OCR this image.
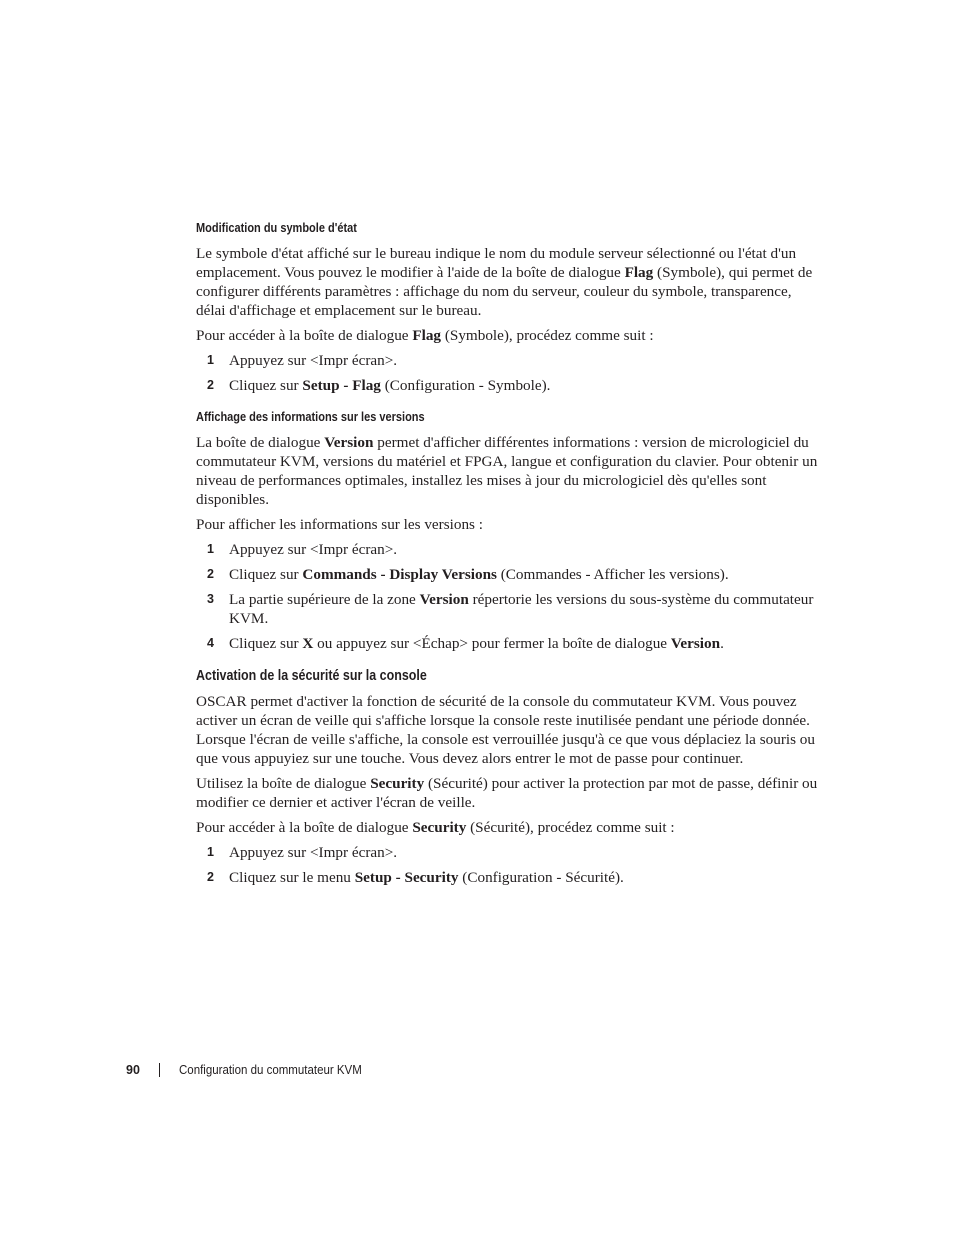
Modification du symbole d'état

Le symbole d'état affiché sur le bureau indique le nom du module serveur sélectionné ou l'état d'un emplacement. Vous pouvez le modifier à l'aide de la boîte de dialogue Flag (Symbole), qui permet de configurer différents paramètres : affichage du nom du serveur, couleur du symbole, transparence, délai d'affichage et emplacement sur le bureau.

Pour accéder à la boîte de dialogue Flag (Symbole), procédez comme suit :

1 Appuyez sur <Impr écran>.
2 Cliquez sur Setup - Flag (Configuration - Symbole).
Affichage des informations sur les versions

La boîte de dialogue Version permet d'afficher différentes informations : version de micrologiciel du commutateur KVM, versions du matériel et FPGA, langue et configuration du clavier. Pour obtenir un niveau de performances optimales, installez les mises à jour du micrologiciel dès qu'elles sont disponibles.

Pour afficher les informations sur les versions :

1 Appuyez sur <Impr écran>.
2 Cliquez sur Commands - Display Versions (Commandes - Afficher les versions).
3 La partie supérieure de la zone Version répertorie les versions du sous-système du commutateur KVM.
4 Cliquez sur X ou appuyez sur <Échap> pour fermer la boîte de dialogue Version.
Activation de la sécurité sur la console

OSCAR permet d'activer la fonction de sécurité de la console du commutateur KVM. Vous pouvez activer un écran de veille qui s'affiche lorsque la console reste inutilisée pendant une période donnée. Lorsque l'écran de veille s'affiche, la console est verrouillée jusqu'à ce que vous déplaciez la souris ou que vous appuyiez sur une touche. Vous devez alors entrer le mot de passe pour continuer.

Utilisez la boîte de dialogue Security (Sécurité) pour activer la protection par mot de passe, définir ou modifier ce dernier et activer l'écran de veille.

Pour accéder à la boîte de dialogue Security (Sécurité), procédez comme suit :

1 Appuyez sur <Impr écran>.
2 Cliquez sur le menu Setup - Security (Configuration - Sécurité).
90	Configuration du commutateur KVM
